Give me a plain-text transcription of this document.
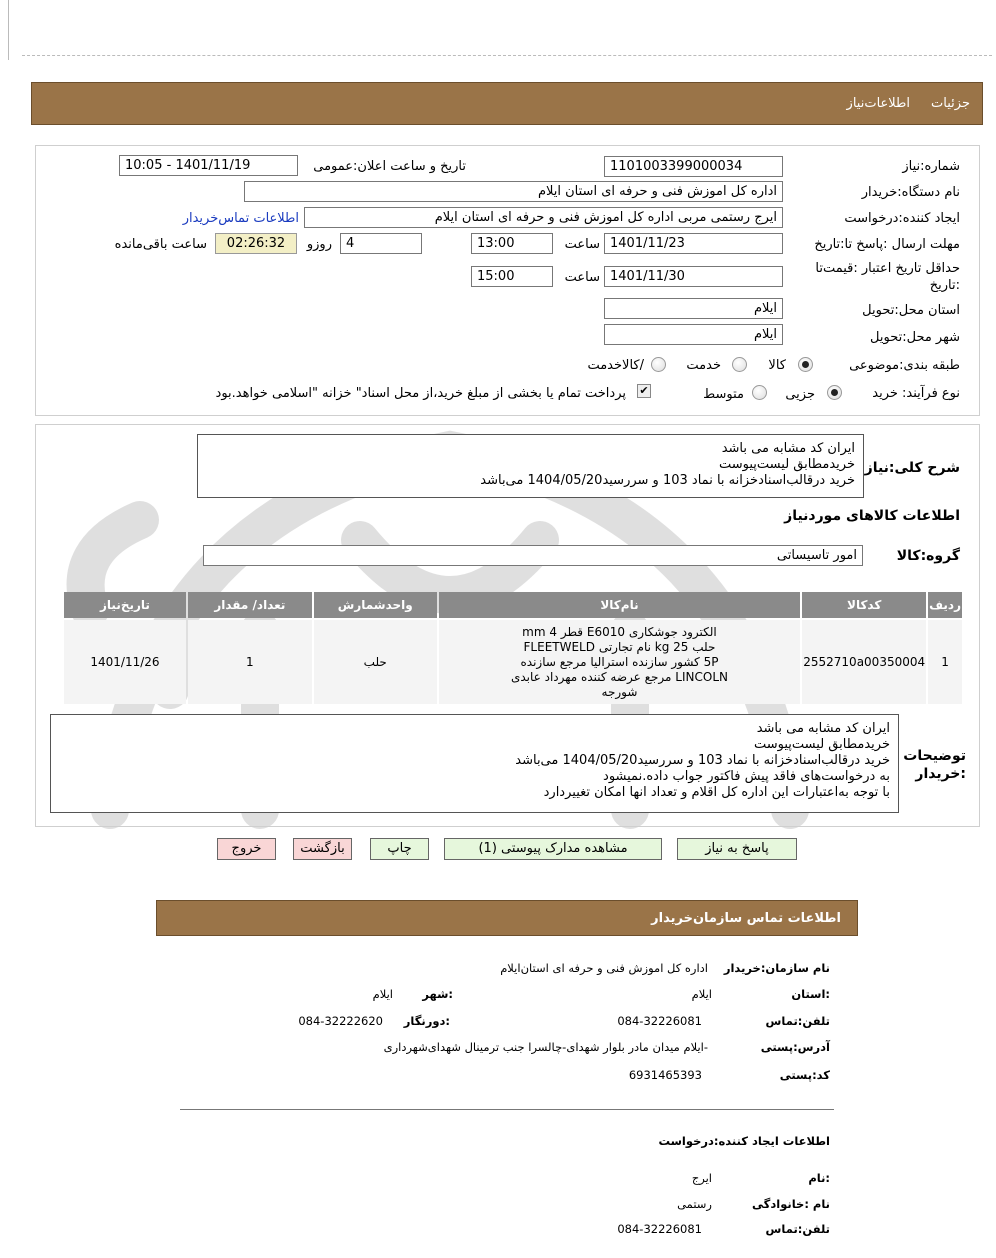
جزئیات
اطلاعات‌نیاز
شماره:نیاز
1101003399000034
تاریخ و ساعت اعلان:عمومی
1401/11/19 - 10:05
نام دستگاه:خریدار
اداره کل اموزش فنی و حرفه ای استان ایلام
ایجاد کننده:درخواست
ایرج رستمی مربی اداره کل اموزش فنی و حرفه ای استان ایلام
اطلاعات تماس‌خریدار
مهلت ارسال :پاسخ تا:تاریخ
1401/11/23
ساعت
13:00
4
روزو
02:26:32
ساعت باقی‌مانده
حداقل تاریخ اعتبار :قیمت‌تا
:تاریخ
1401/11/30
ساعت
15:00
استان محل:تحویل
ایلام
شهر محل:تحویل
ایلام
طبقه بندی:موضوعی
کالا
خدمت
/کالاخدمت
نوع فرآیند: خرید
جزیی
متوسط
✔
پرداخت تمام یا بخشی از مبلغ خرید،از محل اسناد" خزانه "اسلامی خواهد.بود
شرح کلی:نیاز
ایران کد مشابه می باشد
خریدمطابق لیست‌پیوست
خرید درقالب‌اسنادخزانه با نماد 103 و سررسید1404/05/20 می‌باشد
اطلاعات کالاهای موردنیاز
گروه:کالا
امور تاسیساتی
ردیف	کدکالا	نام‌کالا	واحدشمارش	تعداد/ مقدار	تاریخ‌نیاز
1	2552710a00350004	الکترود جوشکاری E6010 قطر 4 mm
حلب 25 kg نام تجارتی FLEETWELD
5P کشور سازنده استرالیا مرجع سازنده
LINCOLN مرجع عرضه کننده مهرداد عابدی
شورجه	حلب	1	1401/11/26
توضیحات
:خریدار
ایران کد مشابه می باشد
خریدمطابق لیست‌پیوست
خرید درقالب‌اسنادخزانه با نماد 103 و سررسید1404/05/20 می‌باشد
به درخواست‌های فاقد پیش فاکتور جواب داده.نمیشود
با توجه به‌اعتبارات این اداره کل اقلام و تعداد انها امکان تغییردارد
پاسخ به نیاز
مشاهده مدارک پیوستی (1)
چاپ
بازگشت
خروج
اطلاعات تماس سازمان‌خریدار
نام سازمان:خریدار
اداره کل اموزش فنی و حرفه ای استان‌ایلام
:استان
ایلام
:شهر
ایلام
تلفن:تماس
084-32226081
:دورنگار
084-32222620
آدرس:پستی
-ایلام میدان مادر بلوار شهدای-چالسرا جنب ترمینال شهدای‌شهرداری
کد:پستی
6931465393
اطلاعات ایجاد کننده:درخواست
:نام
ایرج
نام :خانوادگی
رستمی
تلفن:تماس
084-32226081
